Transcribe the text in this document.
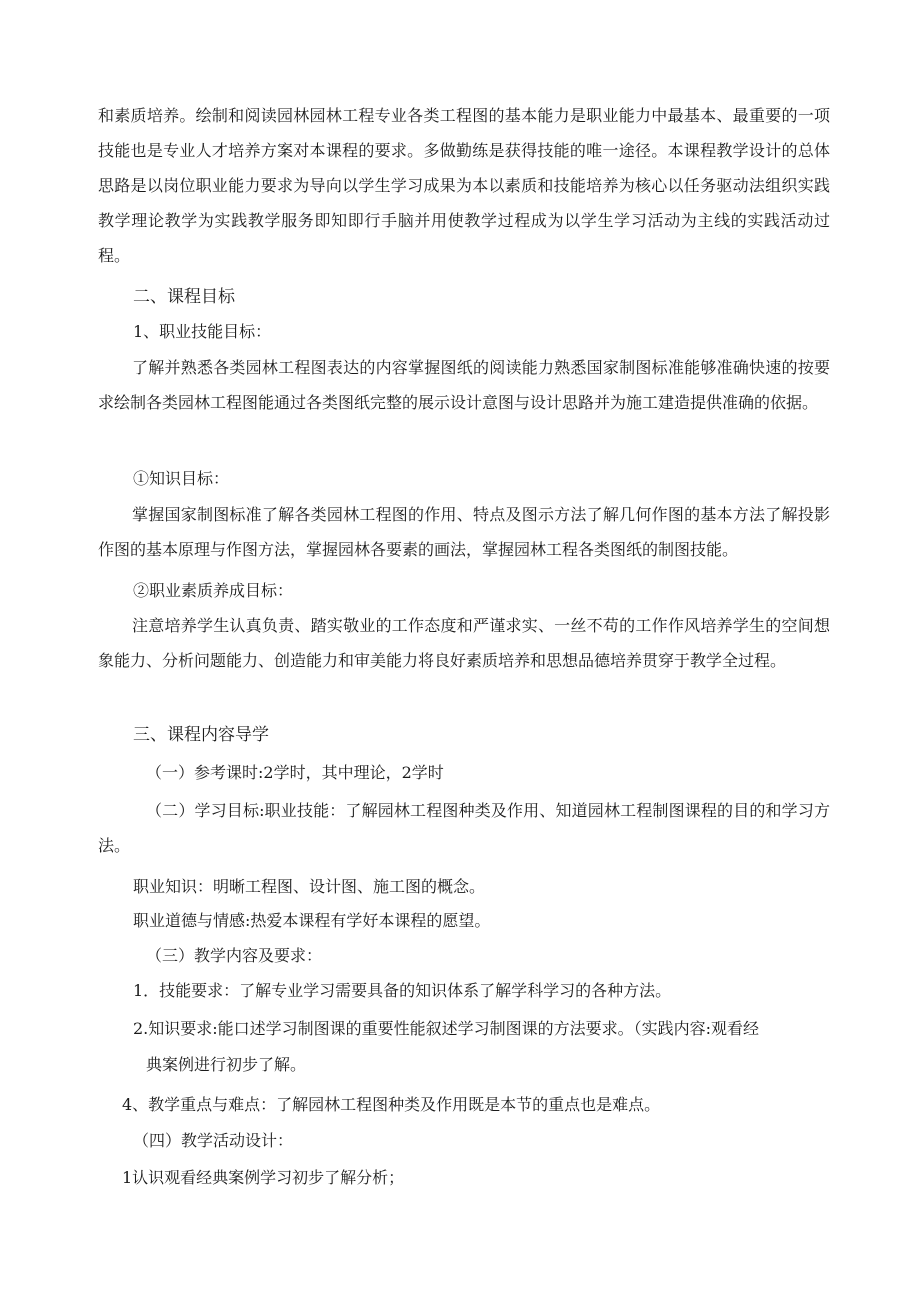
和素质培养。绘制和阅读园林园林工程专业各类工程图的基本能力是职业能力中最基本、最重要的一项技能也是专业人才培养方案对本课程的要求。多做勤练是获得技能的唯一途径。本课程教学设计的总体思路是以岗位职业能力要求为导向以学生学习成果为本以素质和技能培养为核心以任务驱动法组织实践教学理论教学为实践教学服务即知即行手脑并用使教学过程成为以学生学习活动为主线的实践活动过程。

二、课程目标
1、职业技能目标：

了解并熟悉各类园林工程图表达的内容掌握图纸的阅读能力熟悉国家制图标准能够准确快速的按要求绘制各类园林工程图能通过各类图纸完整的展示设计意图与设计思路并为施工建造提供准确的依据。

①知识目标：

掌握国家制图标准了解各类园林工程图的作用、特点及图示方法了解几何作图的基本方法了解投影作图的基本原理与作图方法，掌握园林各要素的画法，掌握园林工程各类图纸的制图技能。

②职业素质养成目标：

注意培养学生认真负责、踏实敬业的工作态度和严谨求实、一丝不苟的工作作风培养学生的空间想象能力、分析问题能力、创造能力和审美能力将良好素质培养和思想品德培养贯穿于教学全过程。

三、课程内容导学
（一）参考课时:2学时，其中理论，2学时

（二）学习目标:职业技能：了解园林工程图种类及作用、知道园林工程制图课程的目的和学习方法。

职业知识：明晰工程图、设计图、施工图的概念。
职业道德与情感:热爱本课程有学好本课程的愿望。
（三）教学内容及要求：
1．技能要求：了解专业学习需要具备的知识体系了解学科学习的各种方法。
2.知识要求:能口述学习制图课的重要性能叙述学习制图课的方法要求。（实践内容:观看经
典案例进行初步了解。
4、教学重点与难点：了解园林工程图种类及作用既是本节的重点也是难点。
（四）教学活动设计：
1认识观看经典案例学习初步了解分析；
